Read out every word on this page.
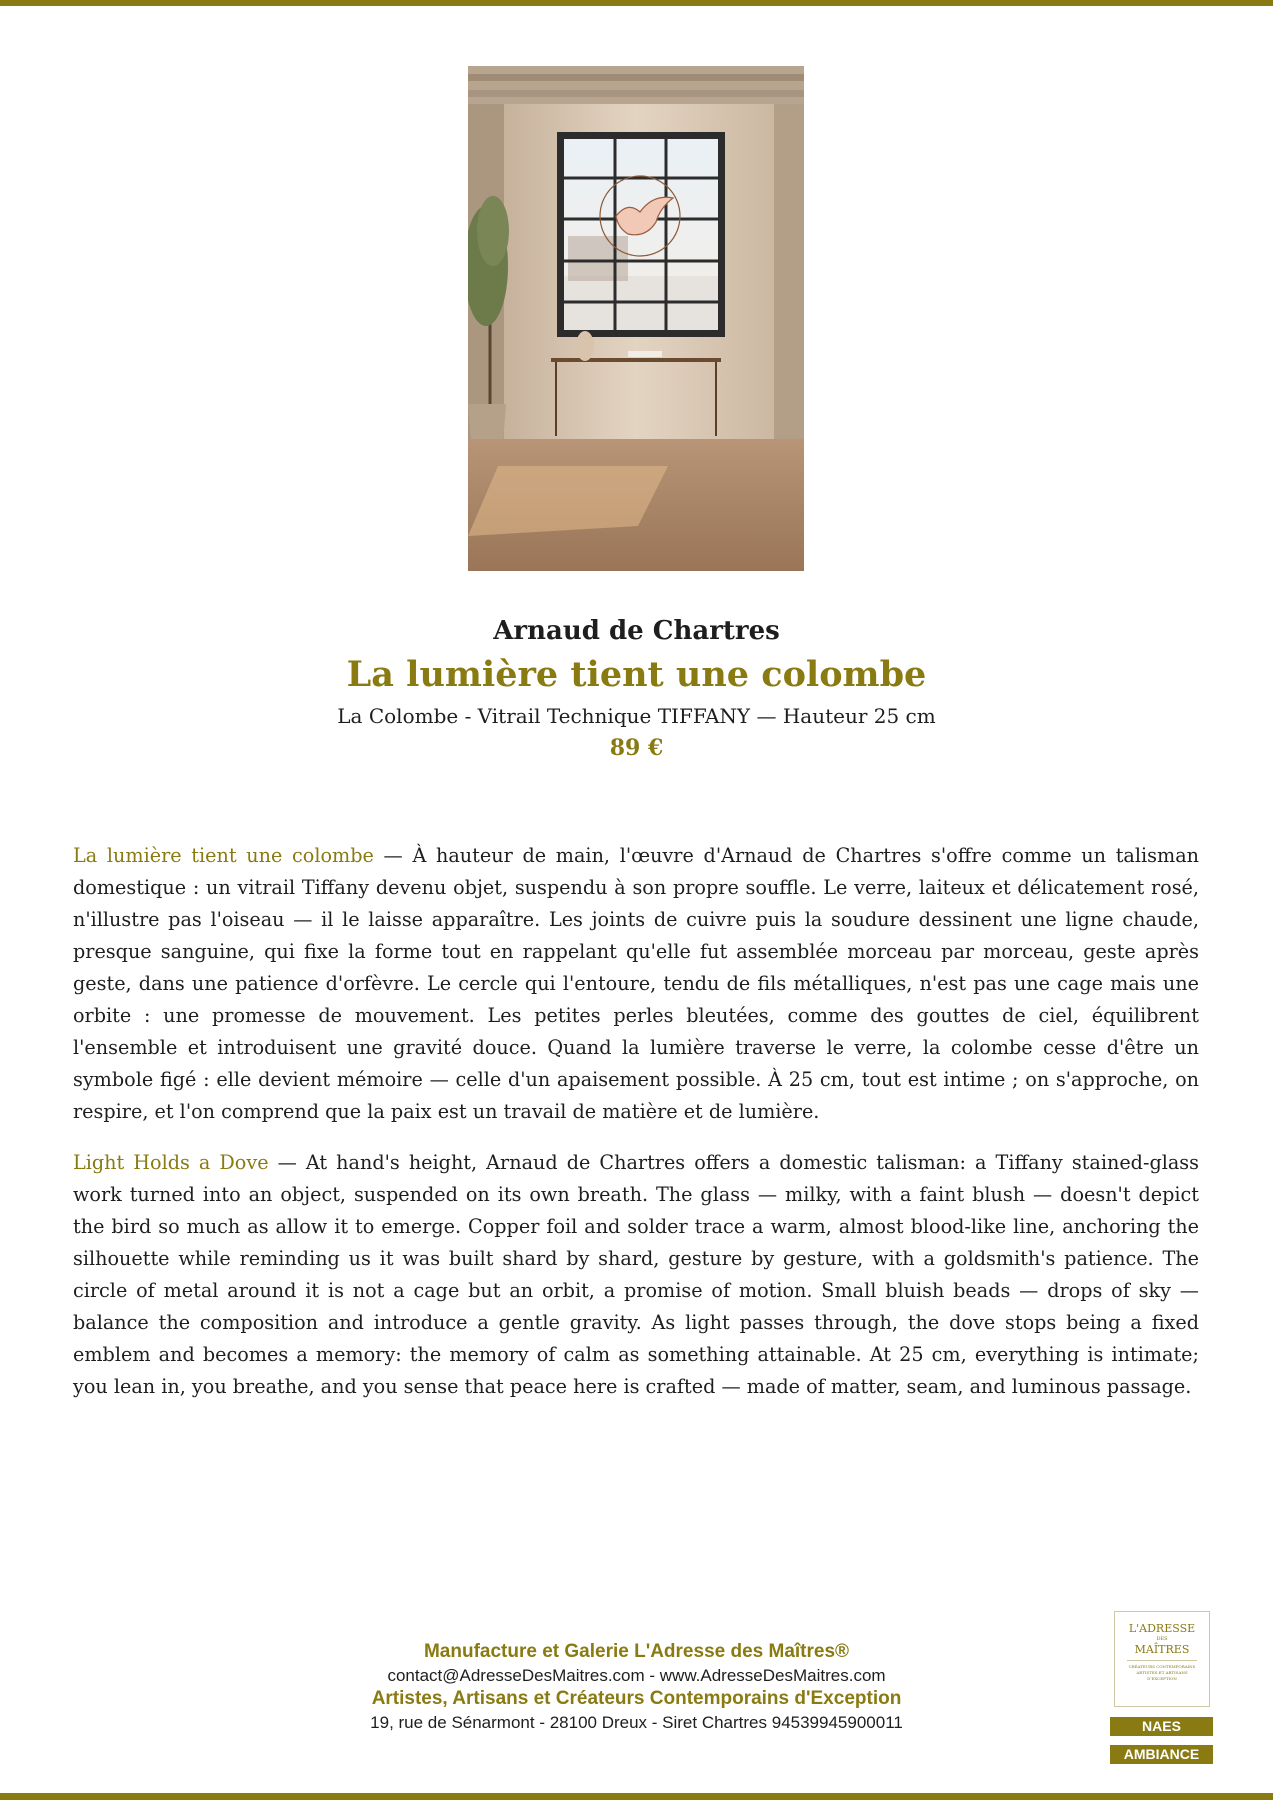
Arnaud de Chartres
La lumière tient une colombe
La Colombe - Vitrail Technique TIFFANY — Hauteur 25 cm
89 €

La lumière tient une colombe — À hauteur de main, l'œuvre d'Arnaud de Chartres s'offre comme un talisman domestique : un vitrail Tiffany devenu objet, suspendu à son propre souffle. Le verre, laiteux et délicatement rosé, n'illustre pas l'oiseau — il le laisse apparaître. Les joints de cuivre puis la soudure dessinent une ligne chaude, presque sanguine, qui fixe la forme tout en rappelant qu'elle fut assemblée morceau par morceau, geste après geste, dans une patience d'orfèvre. Le cercle qui l'entoure, tendu de fils métalliques, n'est pas une cage mais une orbite : une promesse de mouvement. Les petites perles bleutées, comme des gouttes de ciel, équilibrent l'ensemble et introduisent une gravité douce. Quand la lumière traverse le verre, la colombe cesse d'être un symbole figé : elle devient mémoire — celle d'un apaisement possible. À 25 cm, tout est intime ; on s'approche, on respire, et l'on comprend que la paix est un travail de matière et de lumière.

Light Holds a Dove — At hand's height, Arnaud de Chartres offers a domestic talisman: a Tiffany stained-glass work turned into an object, suspended on its own breath. The glass — milky, with a faint blush — doesn't depict the bird so much as allow it to emerge. Copper foil and solder trace a warm, almost blood-like line, anchoring the silhouette while reminding us it was built shard by shard, gesture by gesture, with a goldsmith's patience. The circle of metal around it is not a cage but an orbit, a promise of motion. Small bluish beads — drops of sky — balance the composition and introduce a gentle gravity. As light passes through, the dove stops being a fixed emblem and becomes a memory: the memory of calm as something attainable. At 25 cm, everything is intimate; you lean in, you breathe, and you sense that peace here is crafted — made of matter, seam, and luminous passage.

Manufacture et Galerie L'Adresse des Maîtres®
contact@AdresseDesMaitres.com - www.AdresseDesMaitres.com
Artistes, Artisans et Créateurs Contemporains d'Exception
19, rue de Sénarmont - 28100 Dreux - Siret Chartres 94539945900011
L'ADRESSE
DES
MAÎTRES
CRÉATEURS CONTEMPORAINS ARTISTES ET ARTISANS D'EXCEPTION
NAES
AMBIANCE
